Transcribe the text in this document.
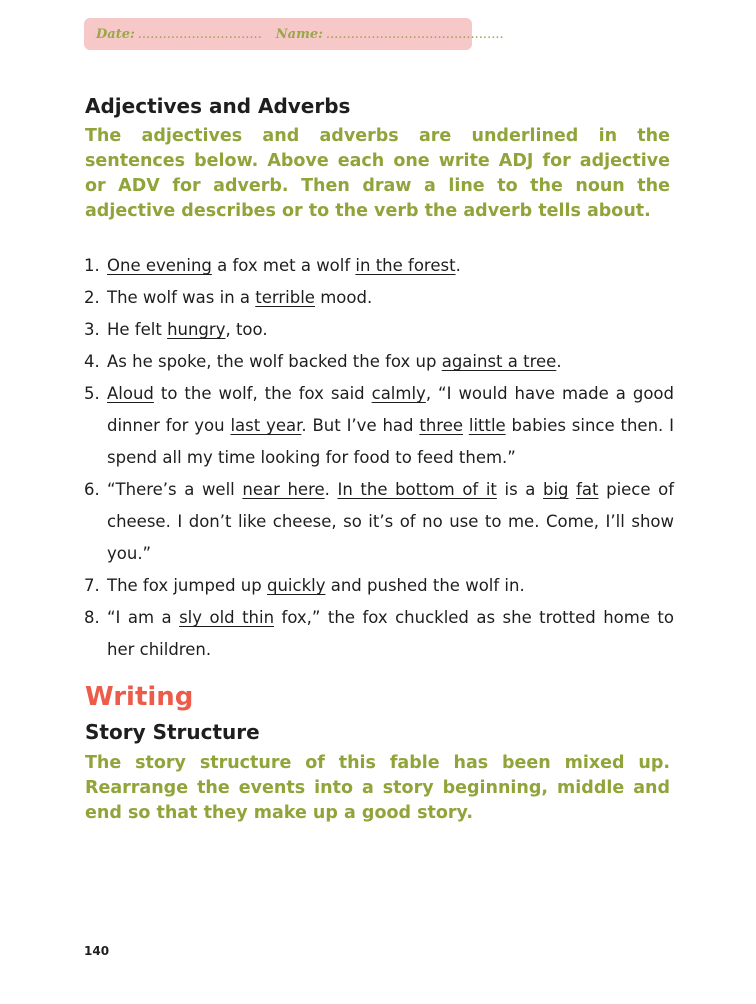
Date: .............................. Name: ...........................................
Adjectives and Adverbs

The adjectives and adverbs are underlined in the sentences below. Above each one write ADJ for adjective or ADV for adverb. Then draw a line to the noun the adjective describes or to the verb the adverb tells about.

1. One evening a fox met a wolf in the forest.
2. The wolf was in a terrible mood.
3. He felt hungry, too.
4. As he spoke, the wolf backed the fox up against a tree.
5. Aloud to the wolf, the fox said calmly, “I would have made a good dinner for you last year. But I’ve had three little babies since then. I spend all my time looking for food to feed them.”
6. “There’s a well near here. In the bottom of it is a big fat piece of cheese. I don’t like cheese, so it’s of no use to me. Come, I’ll show you.”
7. The fox jumped up quickly and pushed the wolf in.
8. “I am a sly old thin fox,” the fox chuckled as she trotted home to her children.
Writing
Story Structure

The story structure of this fable has been mixed up. Rearrange the events into a story beginning, middle and end so that they make up a good story.

140
